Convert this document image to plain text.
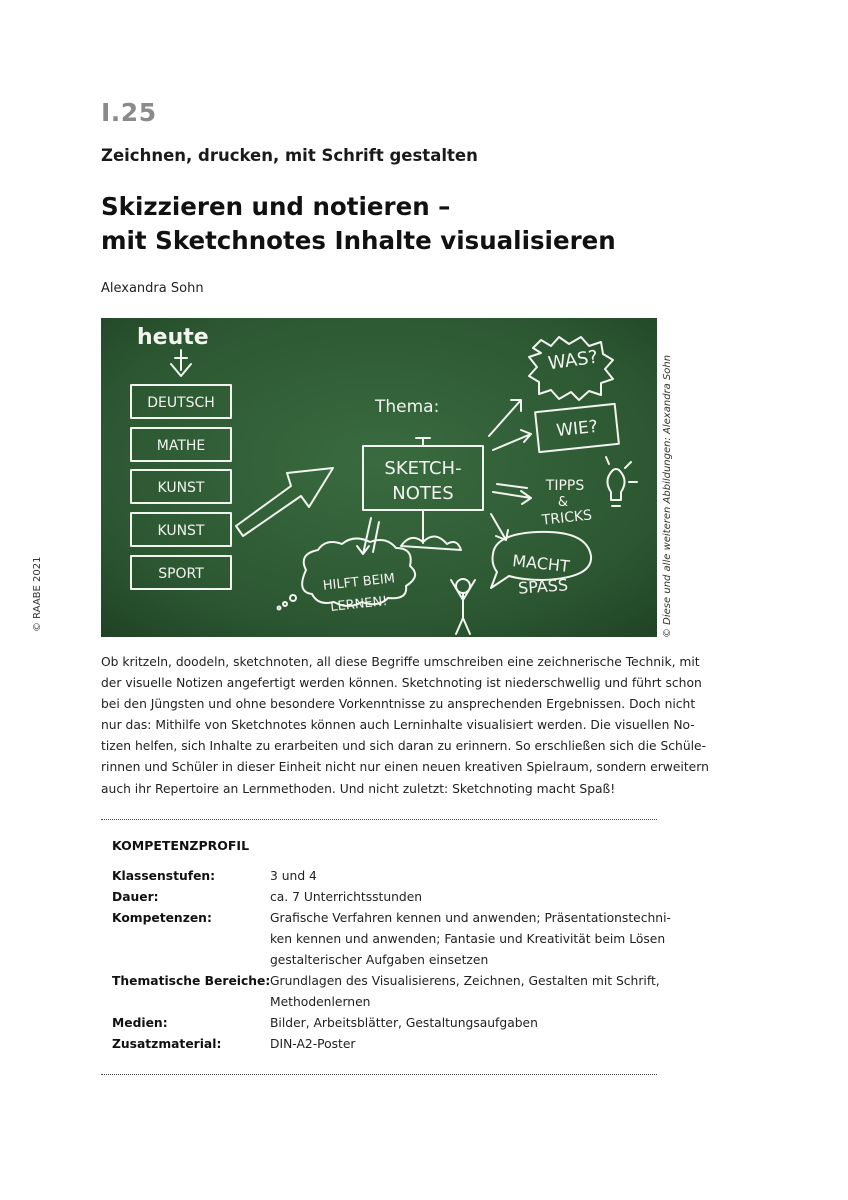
I.25
Zeichnen, drucken, mit Schrift gestalten
Skizzieren und notieren –
mit Sketchnotes Inhalte visualisieren
Alexandra Sohn
© RAABE 2021	© Diese und alle weiteren Abbildungen: Alexandra Sohn
heute
DEUTSCH
MATHE
KUNST
KUNST
SPORT
Thema:
SKETCH-
NOTES
WAS?
WIE?
TIPPS
&
TRICKS
HILFT BEIM
LERNEN!
MACHT
SPASS
Ob kritzeln, doodeln, sketchnoten, all diese Begriffe umschreiben eine zeichnerische Technik, mit
der visuelle Notizen angefertigt werden können. Sketchnoting ist niederschwellig und führt schon
bei den Jüngsten und ohne besondere Vorkenntnisse zu ansprechenden Ergebnissen. Doch nicht
nur das: Mithilfe von Sketchnotes können auch Lerninhalte visualisiert werden. Die visuellen No-
tizen helfen, sich Inhalte zu erarbeiten und sich daran zu erinnern. So erschließen sich die Schüle-
rinnen und Schüler in dieser Einheit nicht nur einen neuen kreativen Spielraum, sondern erweitern
auch ihr Repertoire an Lernmethoden. Und nicht zuletzt: Sketchnoting macht Spaß!
KOMPETENZPROFIL
Klassenstufen:	3 und 4
Dauer:	ca. 7 Unterrichtsstunden
Kompetenzen:	Grafische Verfahren kennen und anwenden; Präsentationstechni-
ken kennen und anwenden; Fantasie und Kreativität beim Lösen
gestalterischer Aufgaben einsetzen
Thematische Bereiche: Grundlagen des Visualisierens, Zeichnen, Gestalten mit Schrift,
Methodenlernen
Medien:	Bilder, Arbeitsblätter, Gestaltungsaufgaben
Zusatzmaterial:	DIN-A2-Poster
